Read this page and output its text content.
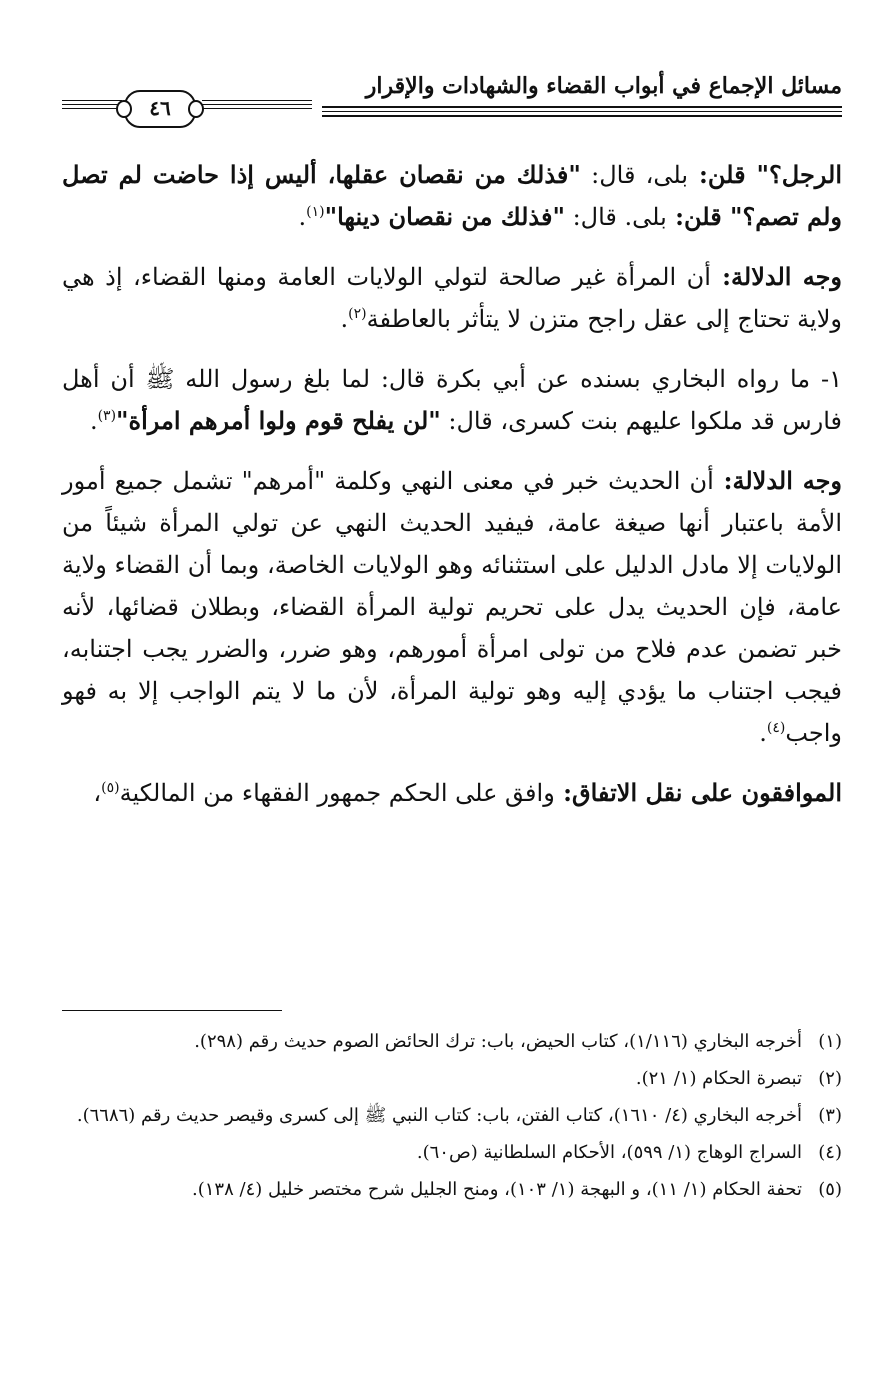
مسائل الإجماع في أبواب القضاء والشهادات والإقرار
٤٦

الرجل؟" قلن: بلى، قال: "فذلك من نقصان عقلها، أليس إذا حاضت لم تصل ولم تصم؟" قلن: بلى. قال: "فذلك من نقصان دينها"$^{(١)}$.

وجه الدلالة: أن المرأة غير صالحة لتولي الولايات العامة ومنها القضاء، إذ هي ولاية تحتاج إلى عقل راجح متزن لا يتأثر بالعاطفة$^{(٢)}$.

١- ما رواه البخاري بسنده عن أبي بكرة قال: لما بلغ رسول الله ﷺ أن أهل فارس قد ملكوا عليهم بنت كسرى، قال: "لن يفلح قوم ولوا أمرهم امرأة"$^{(٣)}$.

وجه الدلالة: أن الحديث خبر في معنى النهي وكلمة "أمرهم" تشمل جميع أمور الأمة باعتبار أنها صيغة عامة، فيفيد الحديث النهي عن تولي المرأة شيئاً من الولايات إلا مادل الدليل على استثنائه وهو الولايات الخاصة، وبما أن القضاء ولاية عامة، فإن الحديث يدل على تحريم تولية المرأة القضاء، وبطلان قضائها، لأنه خبر تضمن عدم فلاح من تولى امرأة أمورهم، وهو ضرر، والضرر يجب اجتنابه، فيجب اجتناب ما يؤدي إليه وهو تولية المرأة، لأن ما لا يتم الواجب إلا به فهو واجب$^{(٤)}$.

الموافقون على نقل الاتفاق: وافق على الحكم جمهور الفقهاء من المالكية$^{(٥)}$،

(١)
أخرجه البخاري (١/١١٦)، كتاب الحيض، باب: ترك الحائض الصوم حديث رقم (٢٩٨).
(٢)
تبصرة الحكام (١/ ٢١).
(٣)
أخرجه البخاري (٤/ ١٦١٠)، كتاب الفتن، باب: كتاب النبي ﷺ إلى كسرى وقيصر حديث رقم (٦٦٨٦).
(٤)
السراج الوهاج (١/ ٥٩٩)، الأحكام السلطانية (ص٦٠).
(٥)
تحفة الحكام (١/ ١١)، و البهجة (١/ ١٠٣)، ومنح الجليل شرح مختصر خليل (٤/ ١٣٨).
